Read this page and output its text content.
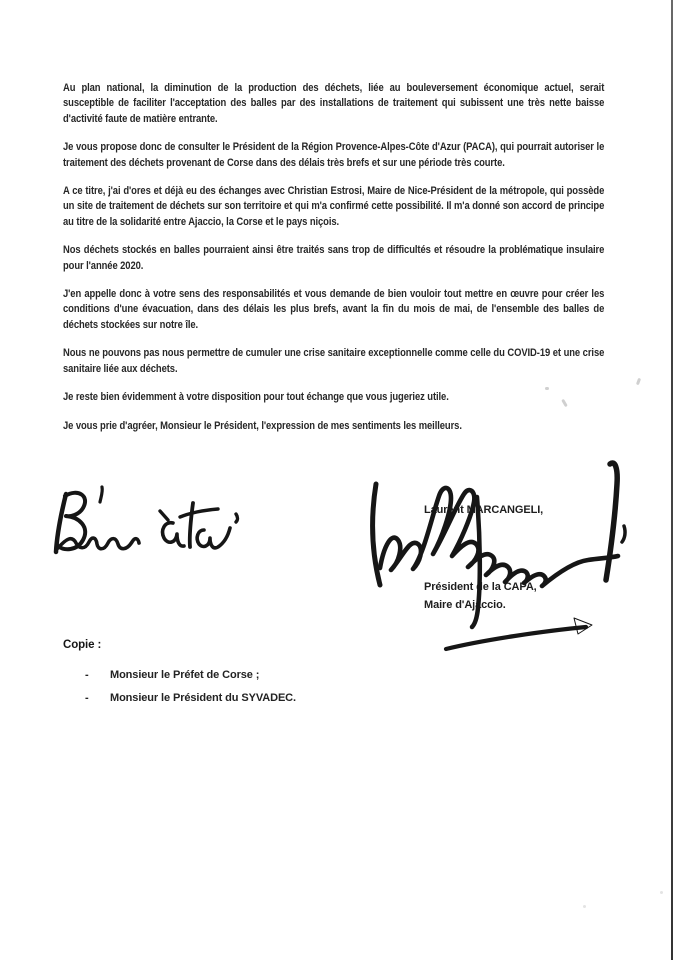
Au plan national, la diminution de la production des déchets, liée au bouleversement économique actuel, serait susceptible de faciliter l'acceptation des balles par des installations de traitement qui subissent une très nette baisse d'activité faute de matière entrante.

Je vous propose donc de consulter le Président de la Région Provence-Alpes-Côte d'Azur (PACA), qui pourrait autoriser le traitement des déchets provenant de Corse dans des délais très brefs et sur une période très courte.

A ce titre, j'ai d'ores et déjà eu des échanges avec Christian Estrosi, Maire de Nice-Président de la métropole, qui possède un site de traitement de déchets sur son territoire et qui m'a confirmé cette possibilité. Il m'a donné son accord de principe au titre de la solidarité entre Ajaccio, la Corse et le pays niçois.

Nos déchets stockés en balles pourraient ainsi être traités sans trop de difficultés et résoudre la problématique insulaire pour l'année 2020.

J'en appelle donc à votre sens des responsabilités et vous demande de bien vouloir tout mettre en œuvre pour créer les conditions d'une évacuation, dans des délais les plus brefs, avant la fin du mois de mai, de l'ensemble des balles de déchets stockées sur notre île.

Nous ne pouvons pas nous permettre de cumuler une crise sanitaire exceptionnelle comme celle du COVID-19 et une crise sanitaire liée aux déchets.

Je reste bien évidemment à votre disposition pour tout échange que vous jugeriez utile.

Je vous prie d'agréer, Monsieur le Président, l'expression de mes sentiments les meilleurs.

Laurent MARCANGELI,
Président de la CAPA,
Maire d'Ajaccio.
Copie :
-	Monsieur le Préfet de Corse ;
-	Monsieur le Président du SYVADEC.
